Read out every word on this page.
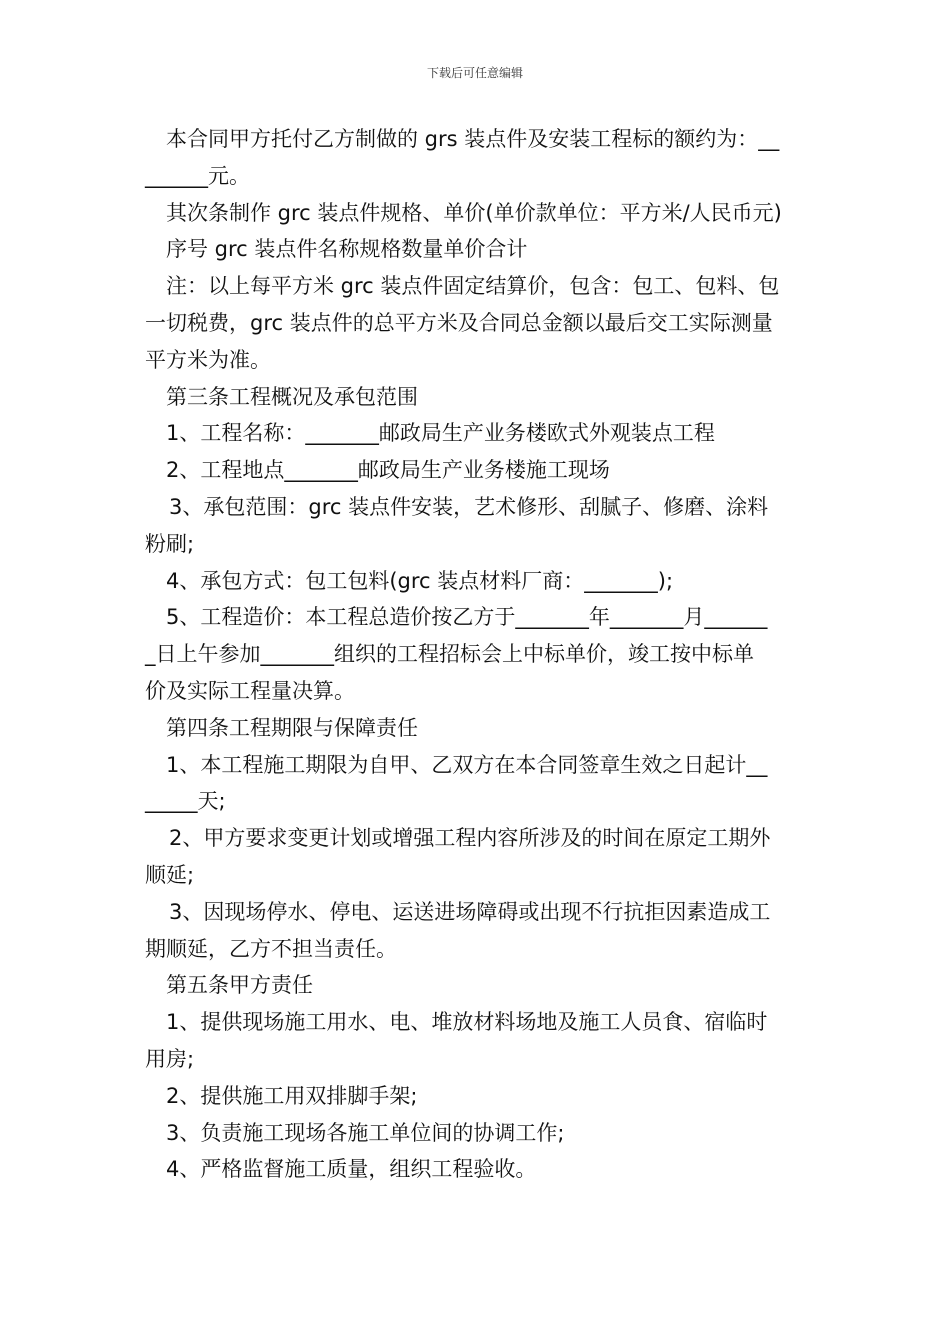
下载后可任意编辑
本合同甲方托付乙方制做的 grs 装点件及安装工程标的额约为：__
______元。
其次条制作 grc 装点件规格、单价(单价款单位：平方米/人民币元)
序号 grc 装点件名称规格数量单价合计
注：以上每平方米 grc 装点件固定结算价，包含：包工、包料、包
一切税费，grc 装点件的总平方米及合同总金额以最后交工实际测量
平方米为准。
第三条工程概况及承包范围
1、工程名称：_______邮政局生产业务楼欧式外观装点工程
2、工程地点_______邮政局生产业务楼施工现场
3、承包范围：grc 装点件安装，艺术修形、刮腻子、修磨、涂料
粉刷;
4、承包方式：包工包料(grc 装点材料厂商：_______);
5、工程造价：本工程总造价按乙方于_______年_______月______
_日上午参加_______组织的工程招标会上中标单价，竣工按中标单
价及实际工程量决算。
第四条工程期限与保障责任
1、本工程施工期限为自甲、乙双方在本合同签章生效之日起计__
_____天;
2、甲方要求变更计划或增强工程内容所涉及的时间在原定工期外
顺延;
3、因现场停水、停电、运送进场障碍或出现不行抗拒因素造成工
期顺延，乙方不担当责任。
第五条甲方责任
1、提供现场施工用水、电、堆放材料场地及施工人员食、宿临时
用房;
2、提供施工用双排脚手架;
3、负责施工现场各施工单位间的协调工作;
4、严格监督施工质量，组织工程验收。
